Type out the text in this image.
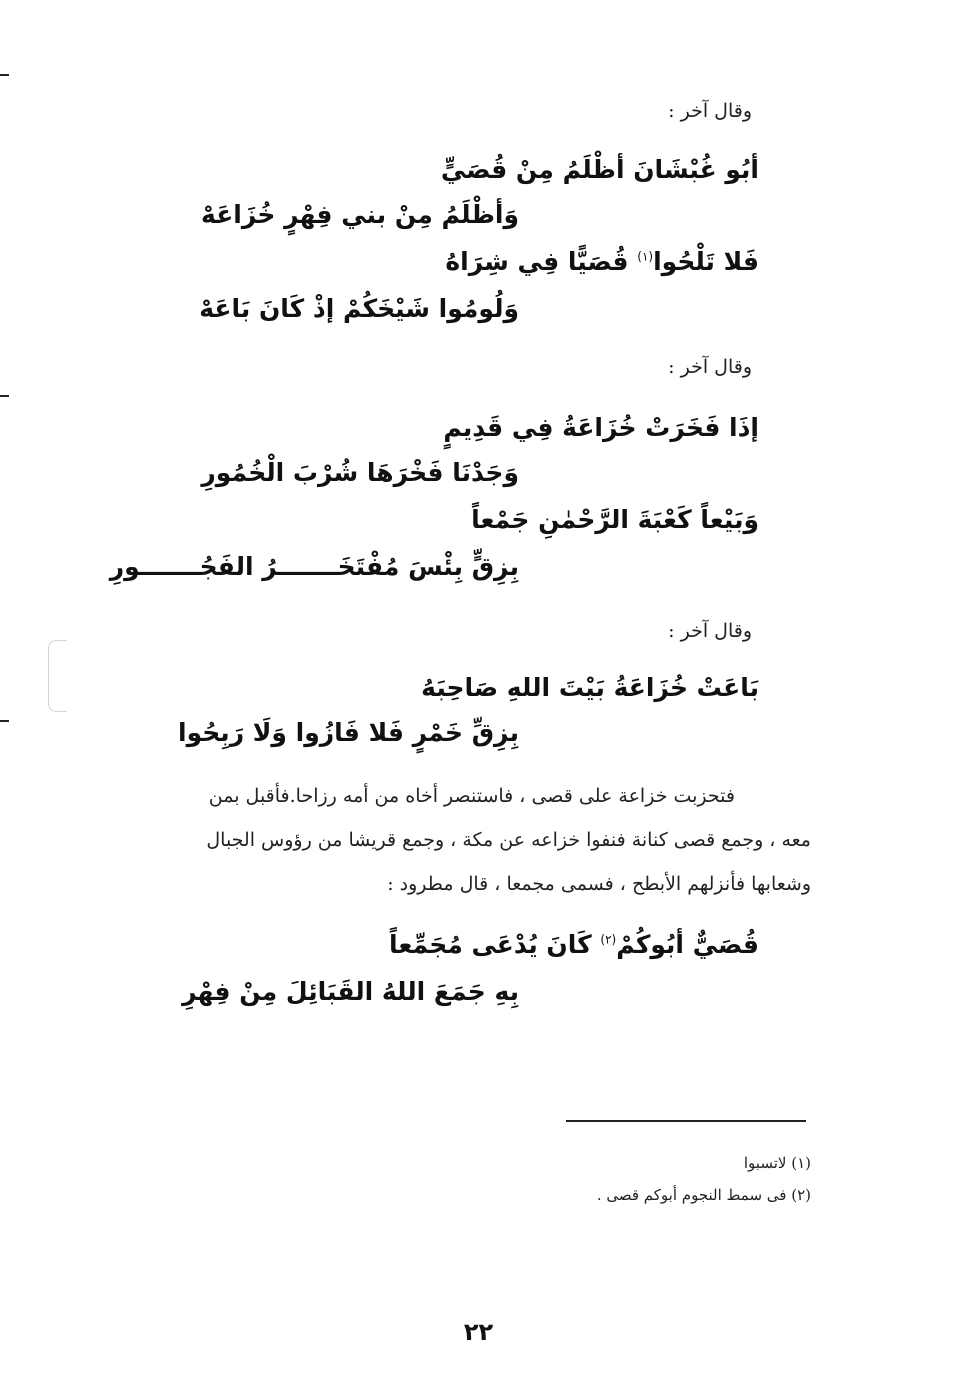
وقال آخر :
أبُو غُبْشَانَ أظْلَمُ مِنْ قُصَيٍّ
وَأظْلَمُ مِنْ بني فِهْرٍ خُزَاعَهْ
فَلا تَلْحُوا$^{(١)}$ قُصَيًّا فِي شِرَاهُ
وَلُومُوا شَيْخَكُمْ إذْ كَانَ بَاعَهْ
وقال آخر :
إذَا فَخَرَتْ خُزَاعَةُ فِي قَدِيمٍ
وَجَدْنَا فَخْرَهَا شُرْبَ الْخُمُورِ
وَبَيْعاً كَعْبَةَ الرَّحْمٰنِ جَمْعاً
بِزِقٍّ بِئْسَ مُفْتَخَـــــــرُ الفَجُـــــــورِ
وقال آخر :
بَاعَتْ خُزَاعَةُ بَيْتَ اللهِ صَاحِبَهُ
بِزِقِّ خَمْرٍ فَلا فَازُوا وَلَا رَبِحُوا
فتحزبت خزاعة على قصى ، فاستنصر أخاه من أمه رزاحا.فأقبل بمن
معه ، وجمع قصى كنانة فنفوا خزاعه عن مكة ، وجمع قريشا من رؤوس الجبال
وشعابها فأنزلهم الأبطح ، فسمى مجمعا ، قال مطرود :
قُصَيٌّ أبُوكُمْ$^{(٢)}$ كَانَ يُدْعَى مُجَمِّعاً
بِهِ جَمَعَ اللهُ القَبَائِلَ مِنْ فِهْرِ
(١) لاتسبوا
(٢) فى سمط النجوم أبوكم قصى .
٢٢
